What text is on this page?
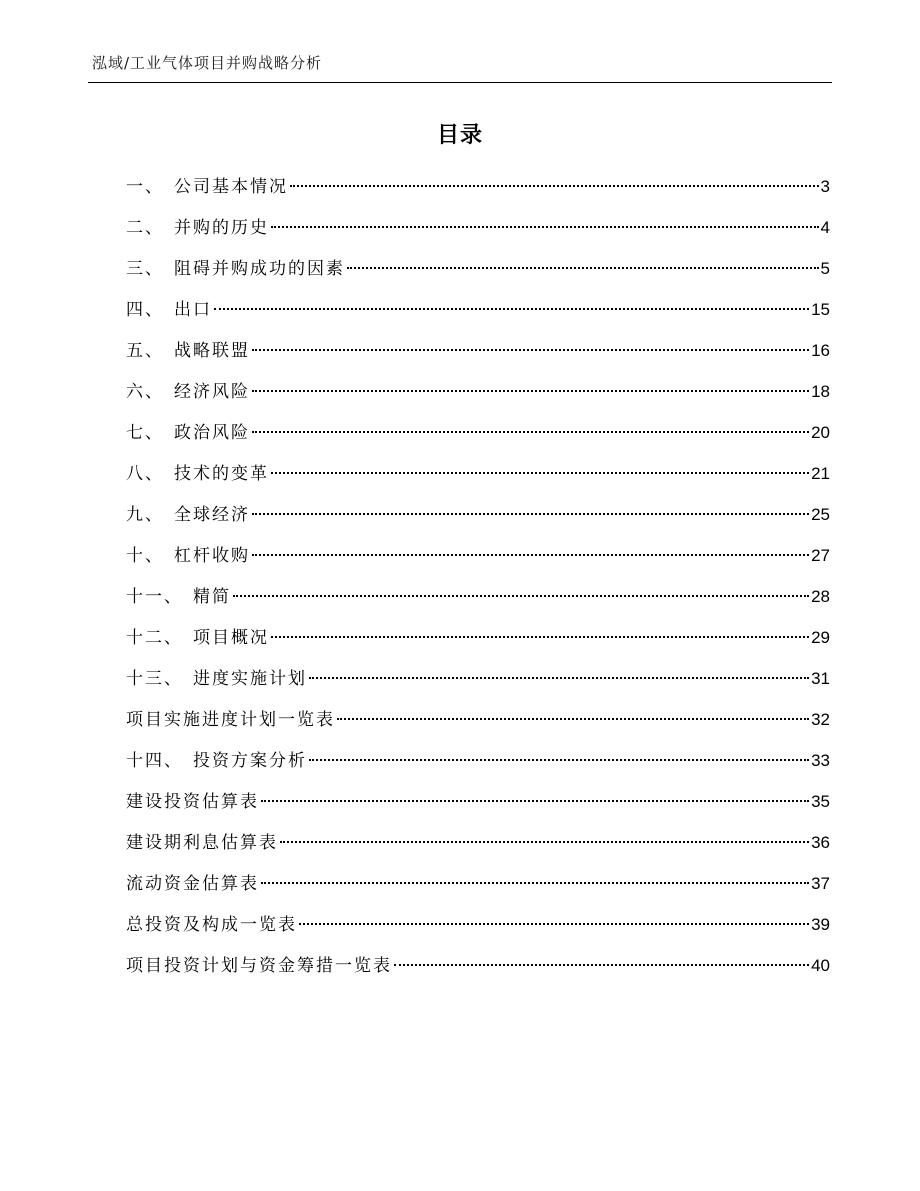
泓域/工业气体项目并购战略分析
目录
一、 公司基本情况	3
二、 并购的历史	4
三、 阻碍并购成功的因素	5
四、 出口	15
五、 战略联盟	16
六、 经济风险	18
七、 政治风险	20
八、 技术的变革	21
九、 全球经济	25
十、 杠杆收购	27
十一、 精简	28
十二、 项目概况	29
十三、 进度实施计划	31
项目实施进度计划一览表	32
十四、 投资方案分析	33
建设投资估算表	35
建设期利息估算表	36
流动资金估算表	37
总投资及构成一览表	39
项目投资计划与资金筹措一览表	40
